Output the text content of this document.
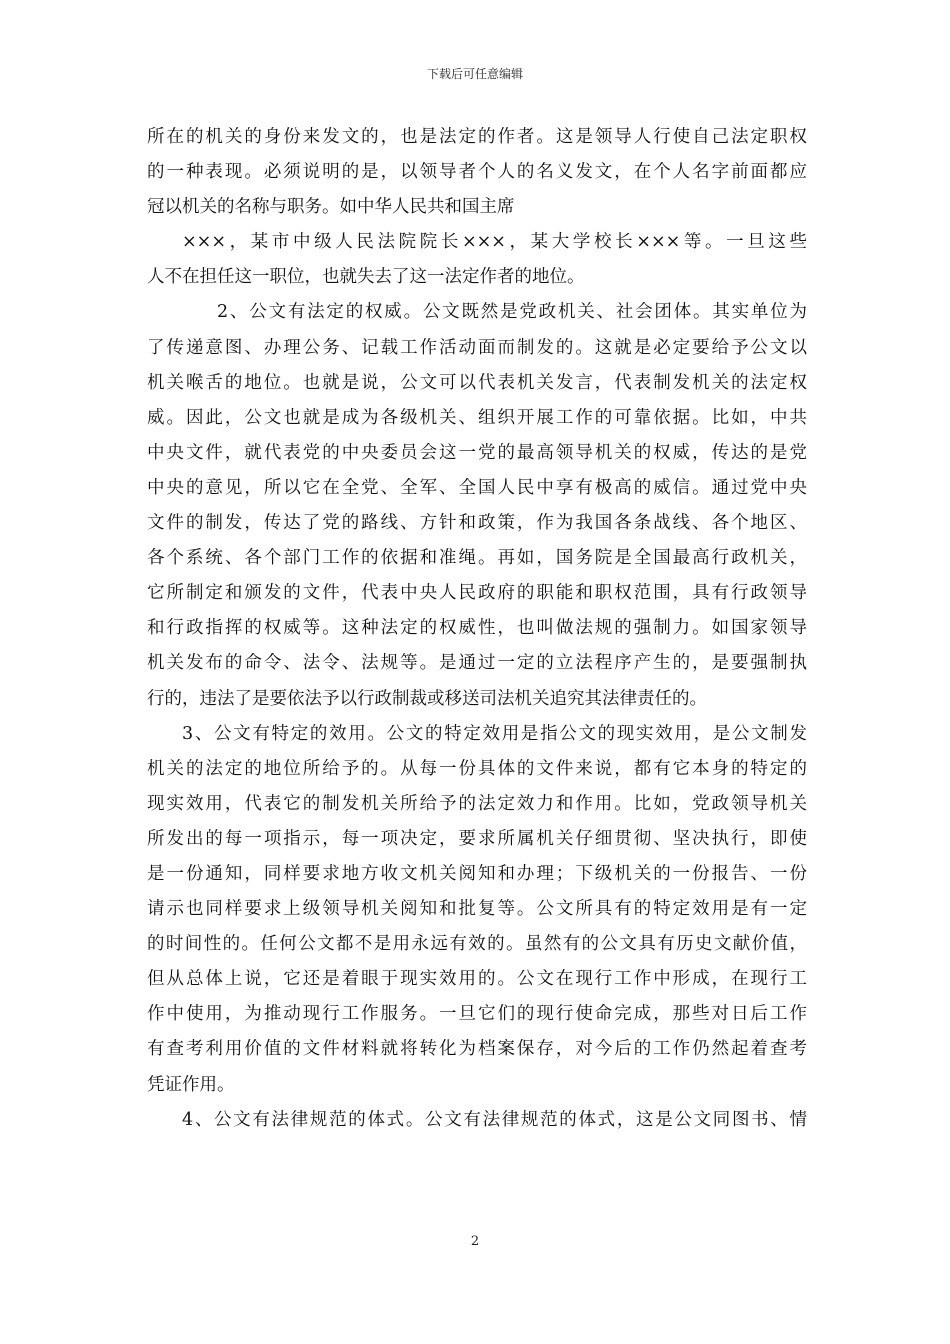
下载后可任意编辑
所在的机关的身份来发文的，也是法定的作者。这是领导人行使自己法定职权
的一种表现。必须说明的是，以领导者个人的名义发文，在个人名字前面都应
冠以机关的名称与职务。如中华人民共和国主席
×××，某市中级人民法院院长×××，某大学校长×××等。一旦这些
人不在担任这一职位，也就失去了这一法定作者的地位。
2、公文有法定的权威。公文既然是党政机关、社会团体。其实单位为
了传递意图、办理公务、记载工作活动面而制发的。这就是必定要给予公文以
机关喉舌的地位。也就是说，公文可以代表机关发言，代表制发机关的法定权
威。因此，公文也就是成为各级机关、组织开展工作的可靠依据。比如，中共
中央文件，就代表党的中央委员会这一党的最高领导机关的权威，传达的是党
中央的意见，所以它在全党、全军、全国人民中享有极高的威信。通过党中央
文件的制发，传达了党的路线、方针和政策，作为我国各条战线、各个地区、
各个系统、各个部门工作的依据和准绳。再如，国务院是全国最高行政机关，
它所制定和颁发的文件，代表中央人民政府的职能和职权范围，具有行政领导
和行政指挥的权威等。这种法定的权威性，也叫做法规的强制力。如国家领导
机关发布的命令、法令、法规等。是通过一定的立法程序产生的，是要强制执
行的，违法了是要依法予以行政制裁或移送司法机关追究其法律责任的。
3、公文有特定的效用。公文的特定效用是指公文的现实效用，是公文制发
机关的法定的地位所给予的。从每一份具体的文件来说，都有它本身的特定的
现实效用，代表它的制发机关所给予的法定效力和作用。比如，党政领导机关
所发出的每一项指示，每一项决定，要求所属机关仔细贯彻、坚决执行，即使
是一份通知，同样要求地方收文机关阅知和办理；下级机关的一份报告、一份
请示也同样要求上级领导机关阅知和批复等。公文所具有的特定效用是有一定
的时间性的。任何公文都不是用永远有效的。虽然有的公文具有历史文献价值，
但从总体上说，它还是着眼于现实效用的。公文在现行工作中形成，在现行工
作中使用，为推动现行工作服务。一旦它们的现行使命完成，那些对日后工作
有查考利用价值的文件材料就将转化为档案保存，对今后的工作仍然起着查考
凭证作用。
4、公文有法律规范的体式。公文有法律规范的体式，这是公文同图书、情
2
